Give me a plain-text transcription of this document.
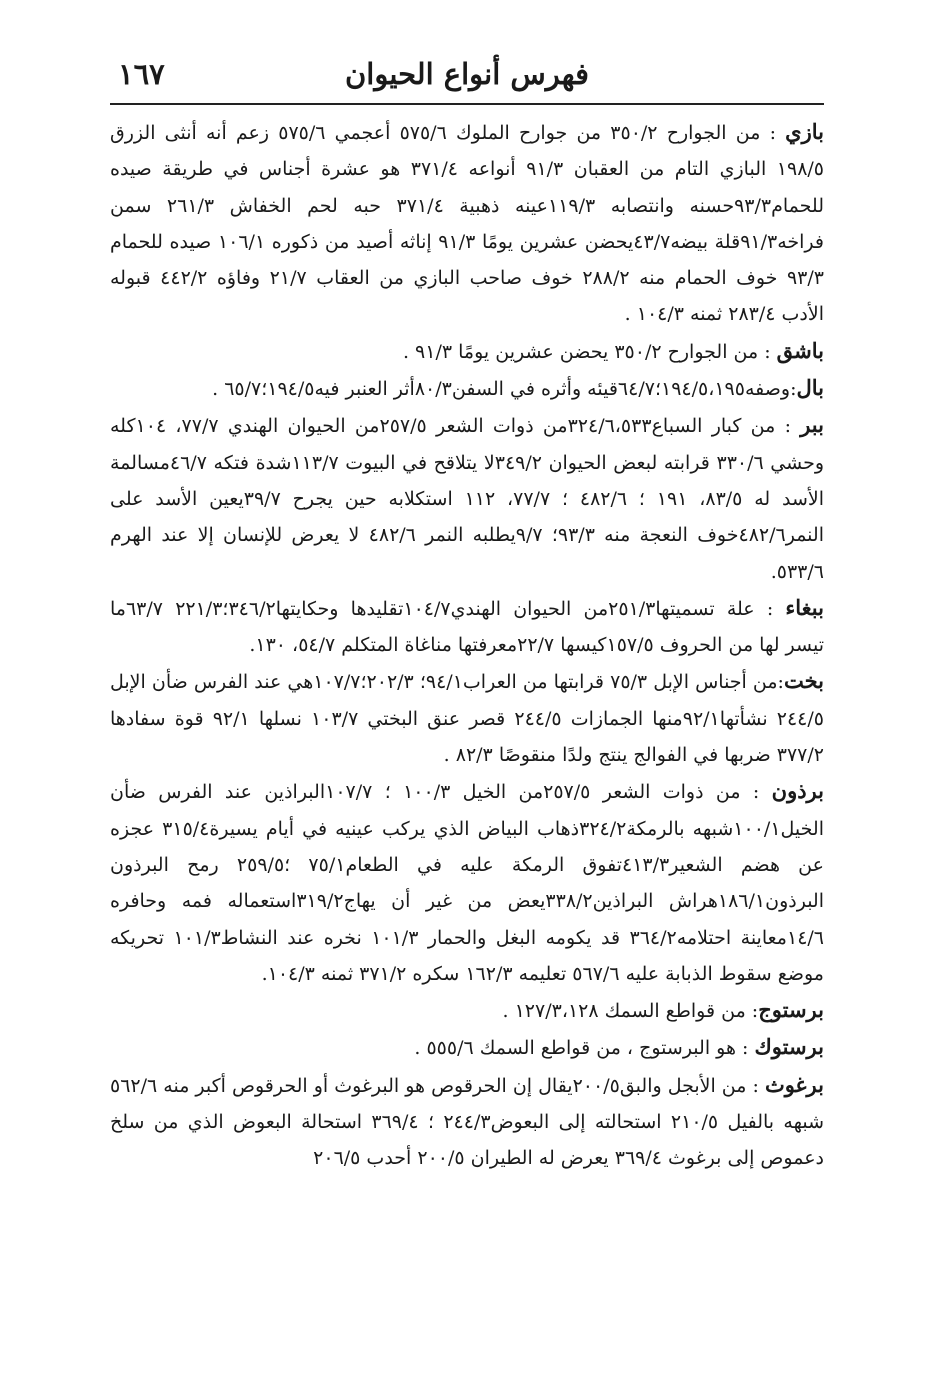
فهرس أنواع الحيوان
١٦٧

بازي : من الجوارح ٣٥٠/٢ من جوارح الملوك ٥٧٥/٦ أعجمي ٥٧٥/٦ زعم أنه أنثى الزرق ١٩٨/٥ البازي التام من العقبان ٩١/٣ أنواعه ٣٧١/٤ هو عشرة أجناس في طريقة صيده للحمام٩٣/٣حسنه وانتصابه ١١٩/٣عينه ذهبية ٣٧١/٤ حبه لحم الخفاش ٢٦١/٣ سمن فراخه٩١/٣قلة بيضه٤٣/٧يحضن عشرين يومًا ٩١/٣ إناثه أصيد من ذكوره ١٠٦/١ صيده للحمام ٩٣/٣ خوف الحمام منه ٢٨٨/٢ خوف صاحب البازي من العقاب ٢١/٧ وفاؤه ٤٤٢/٢ قبوله الأدب ٢٨٣/٤ ثمنه ١٠٤/٣ .

باشق : من الجوارح ٣٥٠/٢ يحضن عشرين يومًا ٩١/٣ .

بال:وصفه١٩٤/٥،١٩٥؛٦٤/٧قيئه وأثره في السفن٨٠/٣أثر العنبر فيه١٩٤/٥؛٦٥/٧ .

ببر : من كبار السباع٣٢٤/٦،٥٣٣من ذوات الشعر ٢٥٧/٥من الحيوان الهندي ٧٧/٧، ١٠٤كله وحشي ٣٣٠/٦ قرابته لبعض الحيوان ٣٤٩/٢لا يتلاقح في البيوت ١١٣/٧شدة فتكه ٤٦/٧مسالمة الأسد له ٨٣/٥، ١٩١ ؛ ٤٨٢/٦ ؛ ٧٧/٧، ١١٢ استكلابه حين يجرح ٣٩/٧يعين الأسد على النمر٤٨٢/٦خوف النعجة منه ٩٣/٣؛ ٩/٧يطلبه النمر ٤٨٢/٦ لا يعرض للإنسان إلا عند الهرم ٥٣٣/٦.

ببغاء : علة تسميتها٢٥١/٣من الحيوان الهندي١٠٤/٧تقليدها وحكايتها٣٤٦/٢؛٢٢١/٣ ٦٣/٧ما تيسر لها من الحروف ١٥٧/٥كيسها ٢٢/٧معرفتها مناغاة المتكلم ٥٤/٧، ١٣٠.

بخت:من أجناس الإبل ٧٥/٣ قرابتها من العراب٩٤/١؛ ٢٠٢/٣؛١٠٧/٧هي عند الفرس ضأن الإبل ٢٤٤/٥ نشأتها٩٢/١منها الجمازات ٢٤٤/٥ قصر عنق البختي ١٠٣/٧ نسلها ٩٢/١ قوة سفادها ٣٧٧/٢ ضربها في الفوالج ينتج ولدًا منقوصًا ٨٢/٣ .

برذون : من ذوات الشعر ٢٥٧/٥من الخيل ١٠٠/٣ ؛ ١٠٧/٧البراذين عند الفرس ضأن الخيل١٠٠/١شبهه بالرمكة٣٢٤/٢ذهاب البياض الذي يركب عينيه في أيام يسيرة٣١٥/٤ عجزه عن هضم الشعير٤١٣/٣تفوق الرمكة عليه في الطعام٧٥/١ ؛٢٥٩/٥ رمح البرذون البرذون١٨٦/١هراش البراذين٣٣٨/٢يعض من غير أن يهاج٣١٩/٢استعماله فمه وحافره ١٤/٦معاينة احتلامه٣٦٤/٢ قد يكومه البغل والحمار ١٠١/٣ نخره عند النشاط١٠١/٣ تحريكه موضع سقوط الذبابة عليه ٥٦٧/٦ تعليمه ١٦٢/٣ سكره ٣٧١/٢ ثمنه ١٠٤/٣.

برستوج: من قواطع السمك ١٢٧/٣،١٢٨ .

برستوك : هو البرستوج ، من قواطع السمك ٥٥٥/٦ .

برغوث : من الأبجل والبق٢٠٠/٥يقال إن الحرقوص هو البرغوث أو الحرقوص أكبر منه ٥٦٢/٦ شبهه بالفيل ٢١٠/٥ استحالته إلى البعوض٢٤٤/٣ ؛ ٣٦٩/٤ استحالة البعوض الذي من سلخ دعموص إلى برغوث ٣٦٩/٤ يعرض له الطيران ٢٠٠/٥ أحدب ٢٠٦/٥
